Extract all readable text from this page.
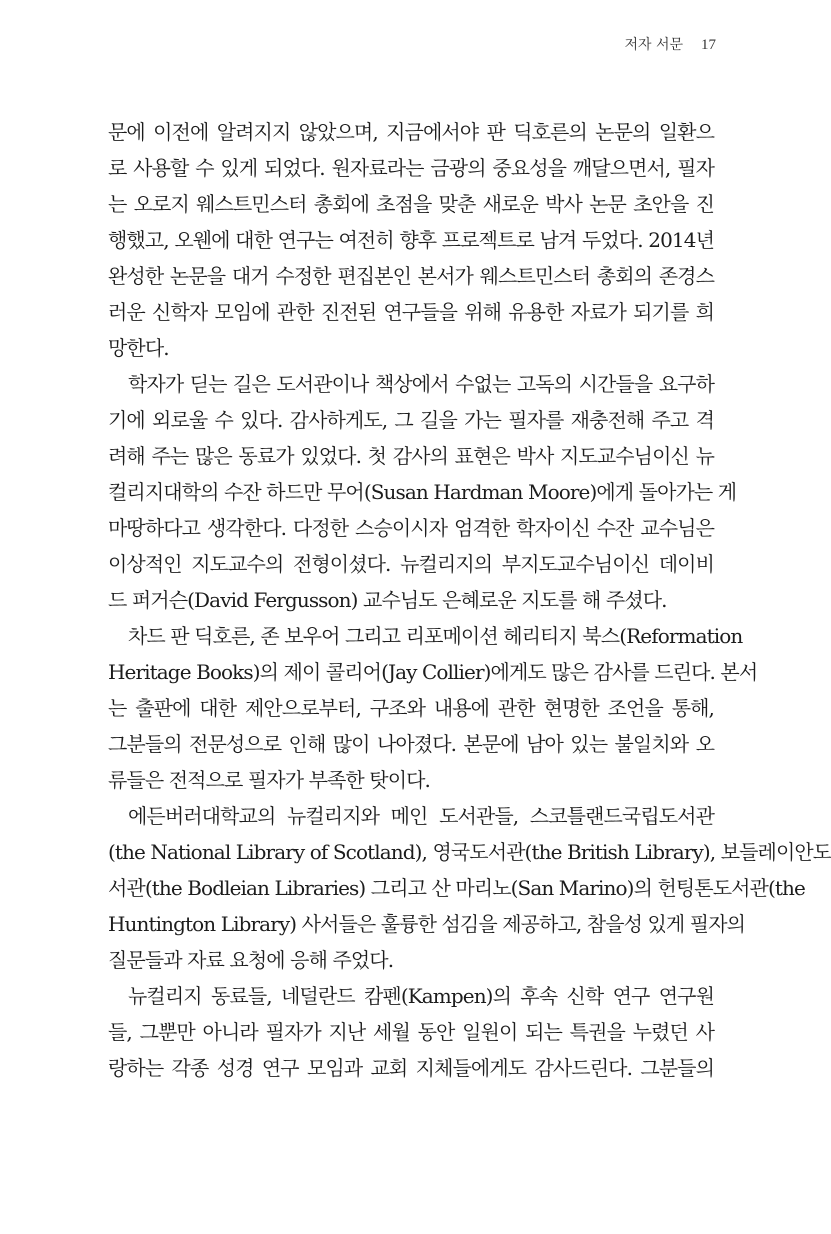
저자 서문 17
문에 이전에 알려지지 않았으며, 지금에서야 판 딕호른의 논문의 일환으
로 사용할 수 있게 되었다. 원자료라는 금광의 중요성을 깨달으면서, 필자
는 오로지 웨스트민스터 총회에 초점을 맞춘 새로운 박사 논문 초안을 진
행했고, 오웬에 대한 연구는 여전히 향후 프로젝트로 남겨 두었다. 2014년
완성한 논문을 대거 수정한 편집본인 본서가 웨스트민스터 총회의 존경스
러운 신학자 모임에 관한 진전된 연구들을 위해 유용한 자료가 되기를 희
망한다.
학자가 딛는 길은 도서관이나 책상에서 수없는 고독의 시간들을 요구하
기에 외로울 수 있다. 감사하게도, 그 길을 가는 필자를 재충전해 주고 격
려해 주는 많은 동료가 있었다. 첫 감사의 표현은 박사 지도교수님이신 뉴
컬리지대학의 수잔 하드만 무어(Susan Hardman Moore)에게 돌아가는 게
마땅하다고 생각한다. 다정한 스승이시자 엄격한 학자이신 수잔 교수님은
이상적인 지도교수의 전형이셨다. 뉴컬리지의 부지도교수님이신 데이비
드 퍼거슨(David Fergusson) 교수님도 은혜로운 지도를 해 주셨다.
차드 판 딕호른, 존 보우어 그리고 리포메이션 헤리티지 북스(Reformation
Heritage Books)의 제이 콜리어(Jay Collier)에게도 많은 감사를 드린다. 본서
는 출판에 대한 제안으로부터, 구조와 내용에 관한 현명한 조언을 통해,
그분들의 전문성으로 인해 많이 나아졌다. 본문에 남아 있는 불일치와 오
류들은 전적으로 필자가 부족한 탓이다.
에든버러대학교의 뉴컬리지와 메인 도서관들, 스코틀랜드국립도서관
(the National Library of Scotland), 영국도서관(the British Library), 보들레이안도
서관(the Bodleian Libraries) 그리고 산 마리노(San Marino)의 헌팅톤도서관(the
Huntington Library) 사서들은 훌륭한 섬김을 제공하고, 참을성 있게 필자의
질문들과 자료 요청에 응해 주었다.
뉴컬리지 동료들, 네덜란드 캄펜(Kampen)의 후속 신학 연구 연구원
들, 그뿐만 아니라 필자가 지난 세월 동안 일원이 되는 특권을 누렸던 사
랑하는 각종 성경 연구 모임과 교회 지체들에게도 감사드린다. 그분들의
